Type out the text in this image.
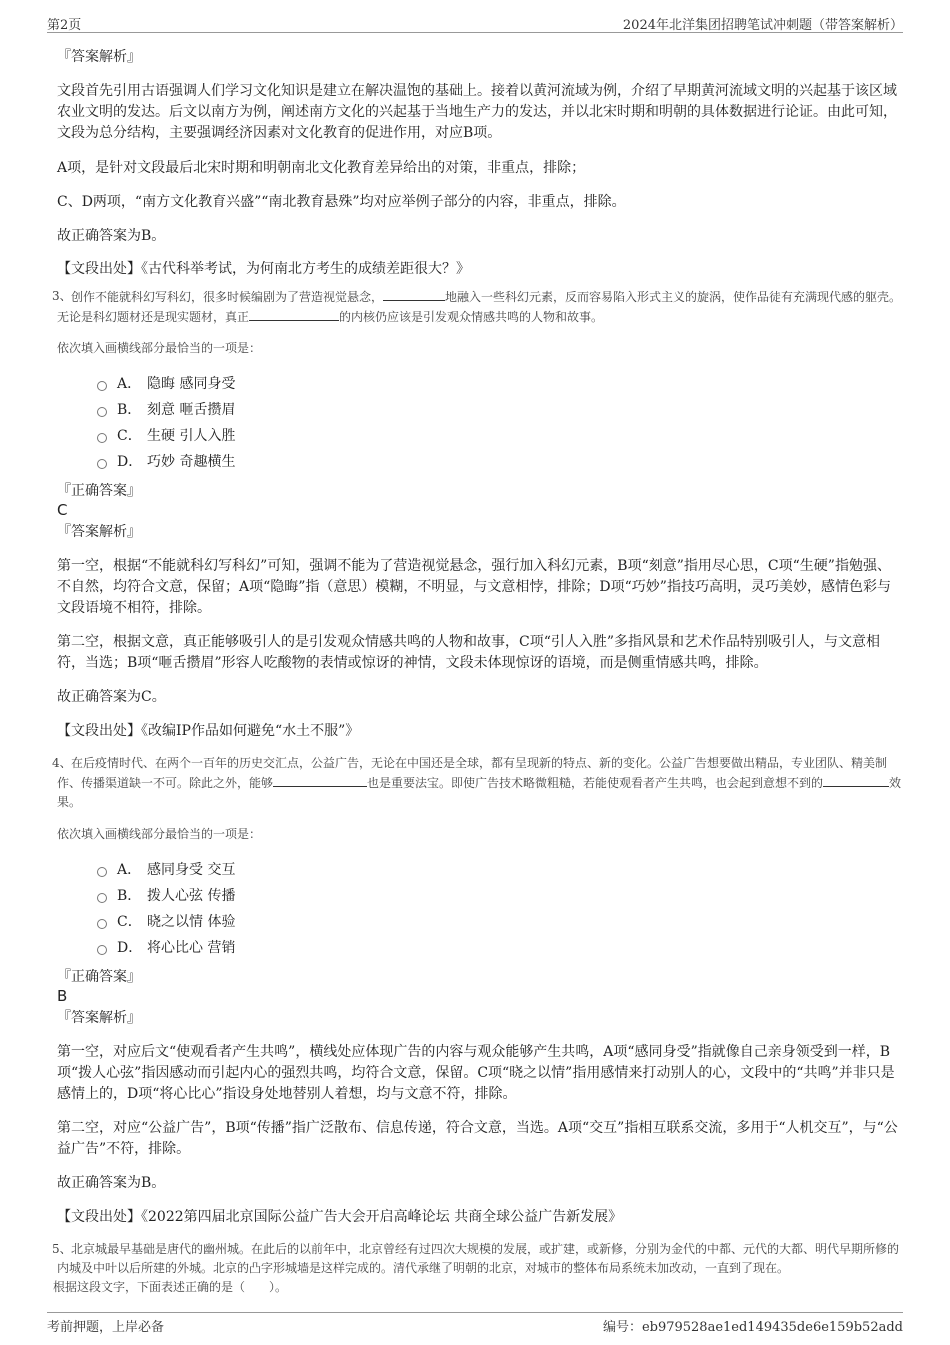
第2页	2024年北洋集团招聘笔试冲刺题（带答案解析）

『答案解析』

文段首先引用古语强调人们学习文化知识是建立在解决温饱的基础上。接着以黄河流域为例，介绍了早期黄河流域文明的兴起基于该区域农业文明的发达。后文以南方为例，阐述南方文化的兴起基于当地生产力的发达，并以北宋时期和明朝的具体数据进行论证。由此可知，文段为总分结构，主要强调经济因素对文化教育的促进作用，对应B项。

A项，是针对文段最后北宋时期和明朝南北文化教育差异给出的对策，非重点，排除；

C、D两项，“南方文化教育兴盛”“南北教育悬殊”均对应举例子部分的内容，非重点，排除。

故正确答案为B。

【文段出处】《古代科举考试，为何南北方考生的成绩差距很大？》

3、 创作不能就科幻写科幻，很多时候编剧为了营造视觉悬念，	地融入一些科幻元素，反而容易陷入形式主义的旋涡，使作品徒有充满现代感的躯壳。无论是科幻题材还是现实题材，真正	的内核仍应该是引发观众情感共鸣的人物和故事。

依次填入画横线部分最恰当的一项是：

A． 隐晦 感同身受
B． 刻意 咂舌攒眉
C． 生硬 引人入胜
D． 巧妙 奇趣横生

『正确答案』

C

『答案解析』

第一空，根据“不能就科幻写科幻”可知，强调不能为了营造视觉悬念，强行加入科幻元素，B项“刻意”指用尽心思，C项“生硬”指勉强、不自然，均符合文意，保留；A项“隐晦”指（意思）模糊，不明显，与文意相悖，排除；D项“巧妙”指技巧高明，灵巧美妙，感情色彩与文段语境不相符，排除。

第二空，根据文意，真正能够吸引人的是引发观众情感共鸣的人物和故事，C项“引人入胜”多指风景和艺术作品特别吸引人，与文意相符，当选；B项“咂舌攒眉”形容人吃酸物的表情或惊讶的神情，文段未体现惊讶的语境，而是侧重情感共鸣，排除。

故正确答案为C。

【文段出处】《改编IP作品如何避免“水土不服”》

4、 在后疫情时代、在两个一百年的历史交汇点，公益广告，无论在中国还是全球，都有呈现新的特点、新的变化。公益广告想要做出精品，专业团队、精美制作、传播渠道缺一不可。除此之外，能够	也是重要法宝。即使广告技术略微粗糙，若能使观看者产生共鸣，也会起到意想不到的	效果。

依次填入画横线部分最恰当的一项是：

A． 感同身受 交互
B． 拨人心弦 传播
C． 晓之以情 体验
D． 将心比心 营销

『正确答案』

B

『答案解析』

第一空，对应后文“使观看者产生共鸣”，横线处应体现广告的内容与观众能够产生共鸣，A项“感同身受”指就像自己亲身领受到一样，B项“拨人心弦”指因感动而引起内心的强烈共鸣，均符合文意，保留。C项“晓之以情”指用感情来打动别人的心，文段中的“共鸣”并非只是感情上的，D项“将心比心”指设身处地替别人着想，均与文意不符，排除。

第二空，对应“公益广告”，B项“传播”指广泛散布、信息传递，符合文意，当选。A项“交互”指相互联系交流，多用于“人机交互”，与“公益广告”不符，排除。

故正确答案为B。

【文段出处】《2022第四届北京国际公益广告大会开启高峰论坛 共商全球公益广告新发展》

5、 北京城最早基础是唐代的幽州城。在此后的以前年中，北京曾经有过四次大规模的发展，或扩建，或新修，分别为金代的中都、元代的大都、明代早期所修的内城及中叶以后所建的外城。北京的凸字形城墙是这样完成的。清代承继了明朝的北京，对城市的整体布局系统未加改动，一直到了现在。

根据这段文字，下面表述正确的是（　　）。

考前押题，上岸必备	编号：eb979528ae1ed149435de6e159b52add
